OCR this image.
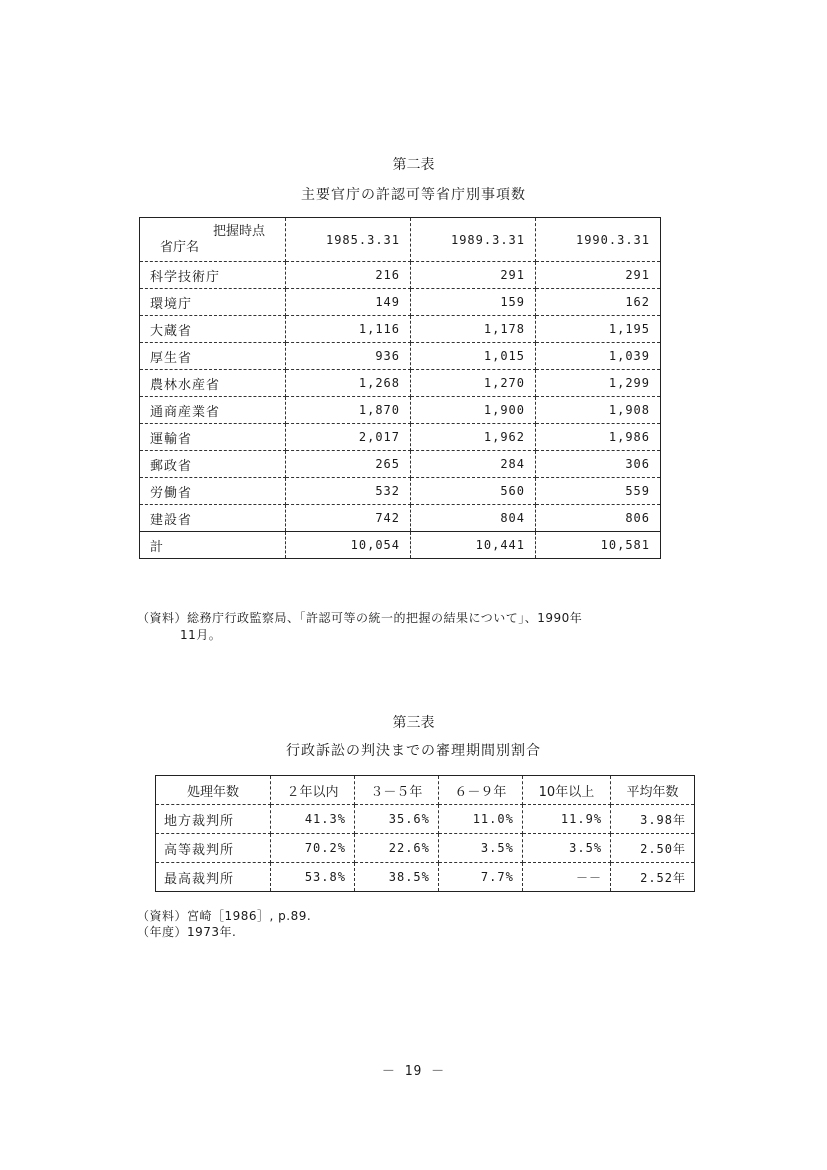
第二表
主要官庁の許認可等省庁別事項数
把握時点
省庁名	1985.3.31	1989.3.31	1990.3.31
科学技術庁	216	291	291
環境庁	149	159	162
大蔵省	1,116	1,178	1,195
厚生省	936	1,015	1,039
農林水産省	1,268	1,270	1,299
通商産業省	1,870	1,900	1,908
運輸省	2,017	1,962	1,986
郵政省	265	284	306
労働省	532	560	559
建設省	742	804	806
計	10,054	10,441	10,581
（資料）総務庁行政監察局、「許認可等の統一的把握の結果について」、1990年
11月。
第三表
行政訴訟の判決までの審理期間別割合
処理年数	２年以内	３－５年	６－９年	10年以上	平均年数
地方裁判所	41.3%	35.6%	11.0%	11.9%	3.98年
高等裁判所	70.2%	22.6%	3.5%	3.5%	2.50年
最高裁判所	53.8%	38.5%	7.7%	－－	2.52年
（資料）宮崎［1986］, p.89.
（年度）1973年.
－ 19 －
